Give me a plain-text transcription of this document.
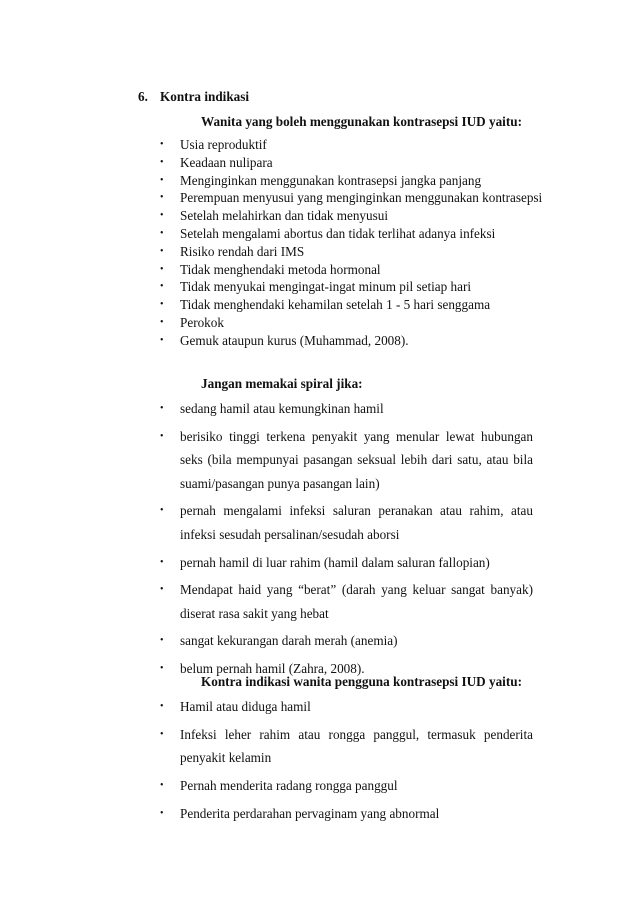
6. Kontra indikasi
Wanita yang boleh menggunakan kontrasepsi IUD yaitu:
• Usia reproduktif
• Keadaan nulipara
• Menginginkan menggunakan kontrasepsi jangka panjang
• Perempuan menyusui yang menginginkan menggunakan kontrasepsi
• Setelah melahirkan dan tidak menyusui
• Setelah mengalami abortus dan tidak terlihat adanya infeksi
• Risiko rendah dari IMS
• Tidak menghendaki metoda hormonal
• Tidak menyukai mengingat-ingat minum pil setiap hari
• Tidak menghendaki kehamilan setelah 1 - 5 hari senggama
• Perokok
• Gemuk ataupun kurus (Muhammad, 2008).
Jangan memakai spiral jika:
• sedang hamil atau kemungkinan hamil
• berisiko tinggi terkena penyakit yang menular lewat hubungan seks (bila mempunyai pasangan seksual lebih dari satu, atau bila suami/pasangan punya pasangan lain)
• pernah mengalami infeksi saluran peranakan atau rahim, atau infeksi sesudah persalinan/sesudah aborsi
• pernah hamil di luar rahim (hamil dalam saluran fallopian)
• Mendapat haid yang “berat” (darah yang keluar sangat banyak) diserat rasa sakit yang hebat
• sangat kekurangan darah merah (anemia)
• belum pernah hamil (Zahra, 2008).
Kontra indikasi wanita pengguna kontrasepsi IUD yaitu:
• Hamil atau diduga hamil
• Infeksi leher rahim atau rongga panggul, termasuk penderita penyakit kelamin
• Pernah menderita radang rongga panggul
• Penderita perdarahan pervaginam yang abnormal
